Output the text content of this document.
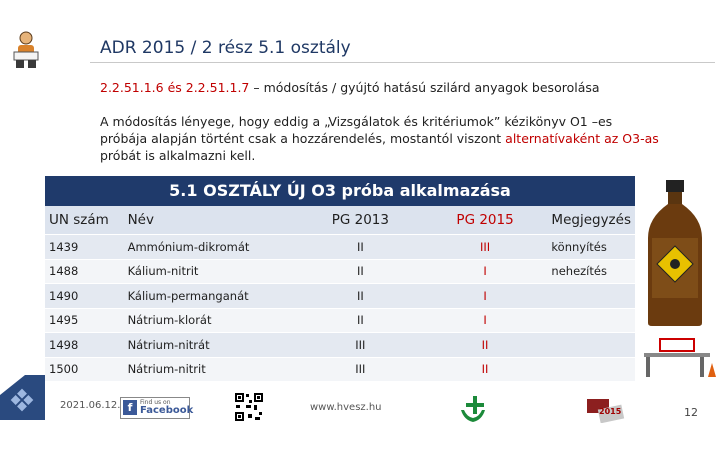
ADR 2015 / 2 rész 5.1 osztály
2.2.51.1.6 és 2.2.51.1.7 – módosítás / gyújtó hatású szilárd anyagok besorolása
A módosítás lényege, hogy eddig a „Vizsgálatok és kritériumok” kézikönyv O1 –es próbája alapján történt csak a hozzárendelés, mostantól viszont alternatívaként az O3-as próbát is alkalmazni kell.
5.1 OSZTÁLY ÚJ O3 próba alkalmazása
UN szám	Név	PG 2013	PG 2015	Megjegyzés
1439	Ammónium-dikromát	II	III	könnyítés
1488	Kálium-nitrit	II	I	nehezítés
1490	Kálium-permanganát	II	I	
1495	Nátrium-klorát	II	I	
1498	Nátrium-nitrát	III	II	
1500	Nátrium-nitrit	III	II	
2021.06.12. f	Find us on
Facebook	www.hvesz.hu	2015	12
